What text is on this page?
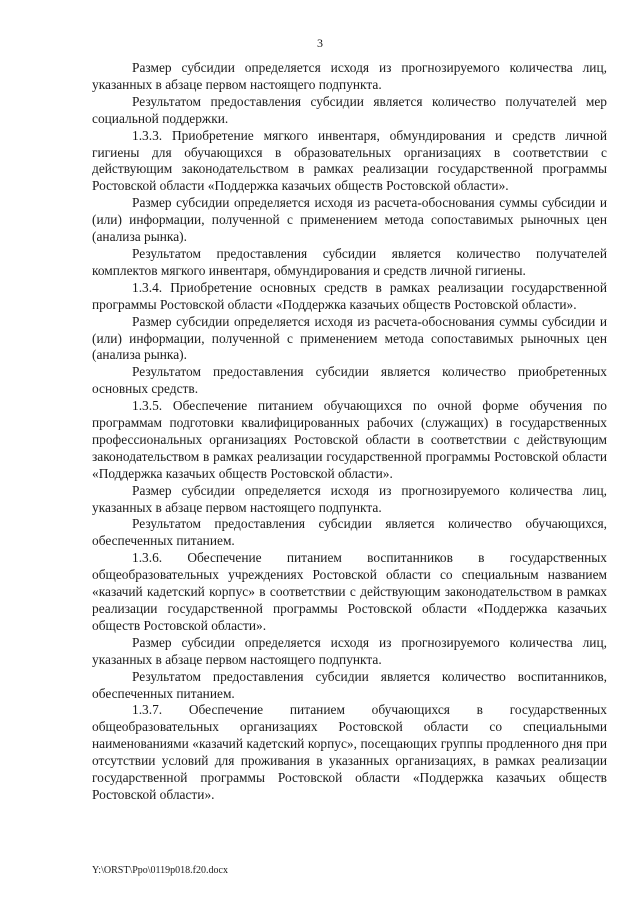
3

Размер субсидии определяется исходя из прогнозируемого количества лиц, указанных в абзаце первом настоящего подпункта.

Результатом предоставления субсидии является количество получателей мер социальной поддержки.

1.3.3. Приобретение мягкого инвентаря, обмундирования и средств личной гигиены для обучающихся в образовательных организациях в соответствии с действующим законодательством в рамках реализации государственной программы Ростовской области «Поддержка казачьих обществ Ростовской области».

Размер субсидии определяется исходя из расчета-обоснования суммы субсидии и (или) информации, полученной с применением метода сопоставимых рыночных цен (анализа рынка).

Результатом предоставления субсидии является количество получателей комплектов мягкого инвентаря, обмундирования и средств личной гигиены.

1.3.4. Приобретение основных средств в рамках реализации государственной программы Ростовской области «Поддержка казачьих обществ Ростовской области».

Размер субсидии определяется исходя из расчета-обоснования суммы субсидии и (или) информации, полученной с применением метода сопоставимых рыночных цен (анализа рынка).

Результатом предоставления субсидии является количество приобретенных основных средств.

1.3.5. Обеспечение питанием обучающихся по очной форме обучения по программам подготовки квалифицированных рабочих (служащих) в государственных профессиональных организациях Ростовской области в соответствии с действующим законодательством в рамках реализации государственной программы Ростовской области «Поддержка казачьих обществ Ростовской области».

Размер субсидии определяется исходя из прогнозируемого количества лиц, указанных в абзаце первом настоящего подпункта.

Результатом предоставления субсидии является количество обучающихся, обеспеченных питанием.

1.3.6. Обеспечение питанием воспитанников в государственных общеобразовательных учреждениях Ростовской области со специальным названием «казачий кадетский корпус» в соответствии с действующим законодательством в рамках реализации государственной программы Ростовской области «Поддержка казачьих обществ Ростовской области».

Размер субсидии определяется исходя из прогнозируемого количества лиц, указанных в абзаце первом настоящего подпункта.

Результатом предоставления субсидии является количество воспитанников, обеспеченных питанием.

1.3.7. Обеспечение питанием обучающихся в государственных общеобразовательных организациях Ростовской области со специальными наименованиями «казачий кадетский корпус», посещающих группы продленного дня при отсутствии условий для проживания в указанных организациях, в рамках реализации государственной программы Ростовской области «Поддержка казачьих обществ Ростовской области».

Y:\ORST\Ppo\0119p018.f20.docx
